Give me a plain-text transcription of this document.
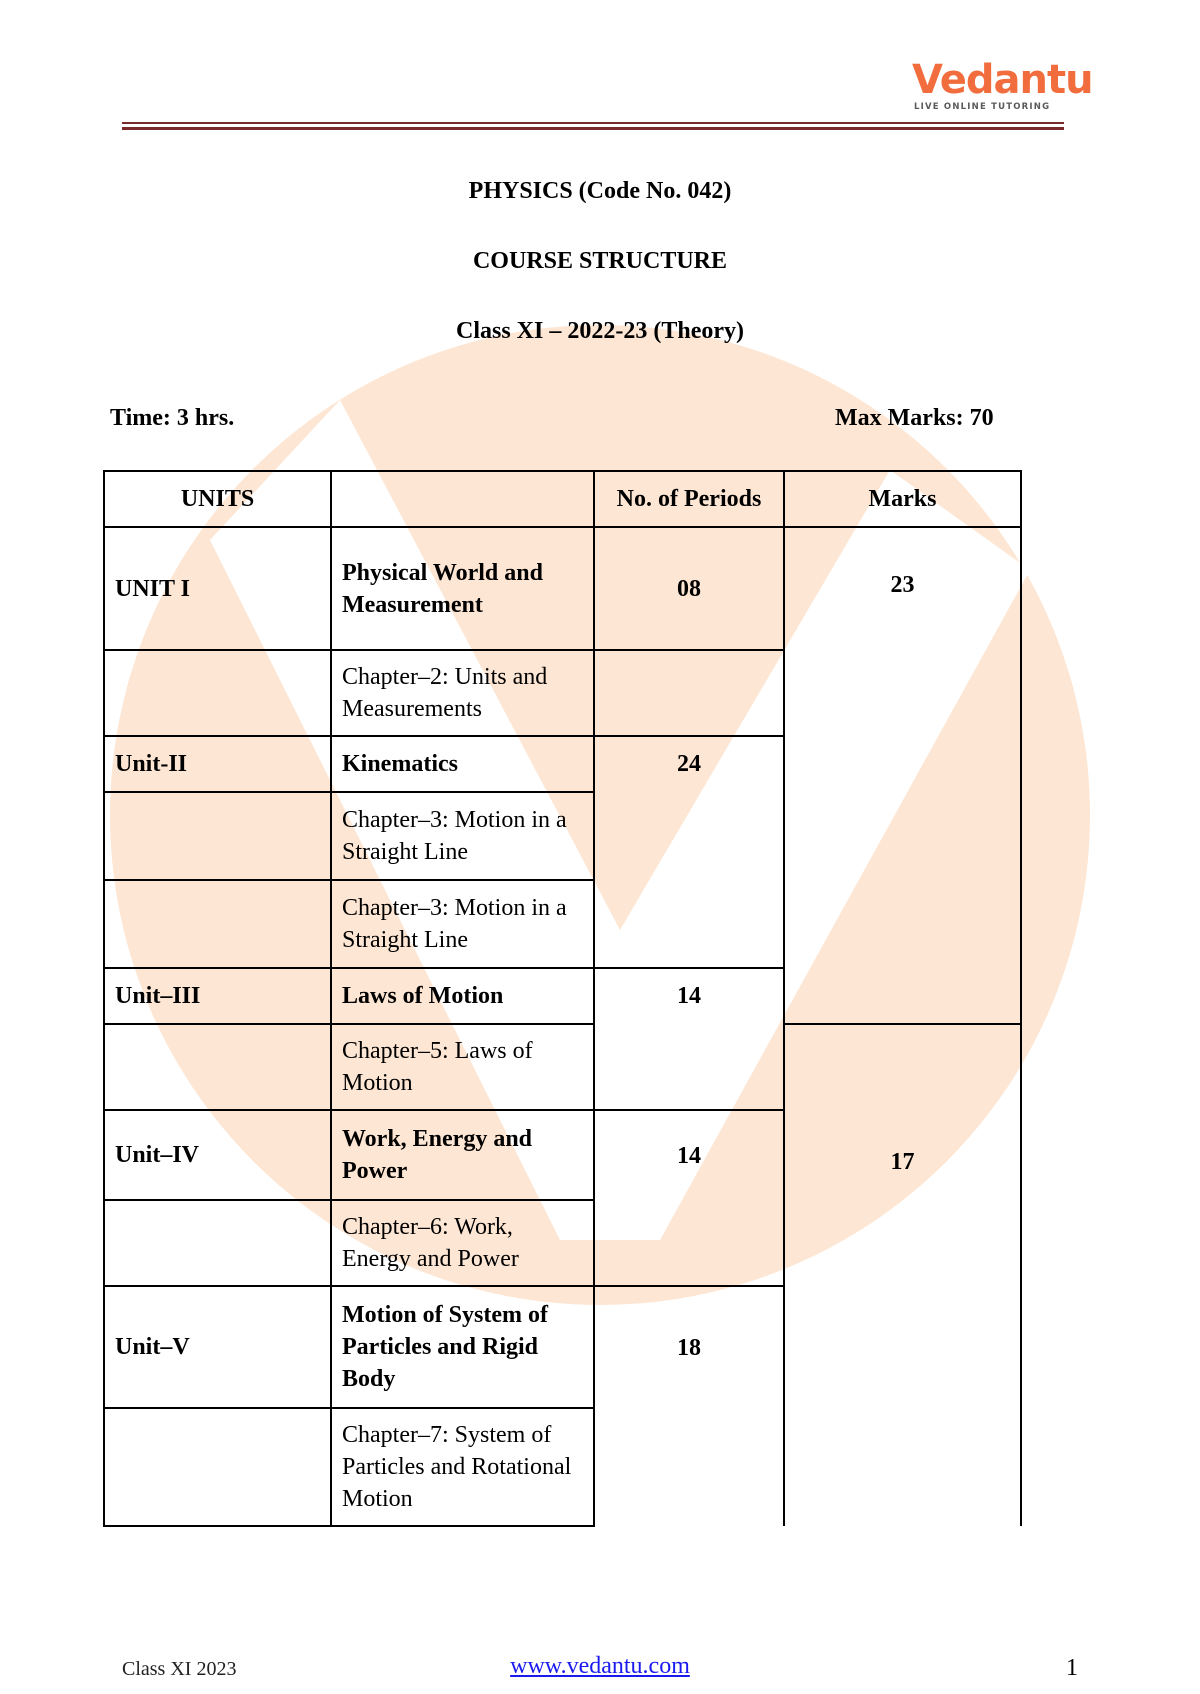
Vedantu
LIVE ONLINE TUTORING
PHYSICS (Code No. 042)
COURSE STRUCTURE
Class XI – 2022-23 (Theory)
Time: 3 hrs.	Max Marks: 70
UNITS		No. of Periods	Marks
UNIT I	Physical World and Measurement	08	23
	Chapter–2: Units and Measurements		
Unit-II	Kinematics	24	
	Chapter–3: Motion in a Straight Line		
	Chapter–3: Motion in a Straight Line		
Unit–III	Laws of Motion	14	
	Chapter–5: Laws of Motion		17
Unit–IV	Work, Energy and Power	14	
	Chapter–6: Work, Energy and Power		
Unit–V	Motion of System of Particles and Rigid Body	18	
	Chapter–7: System of Particles and Rotational Motion		
Class XI 2023	www.vedantu.com	1
